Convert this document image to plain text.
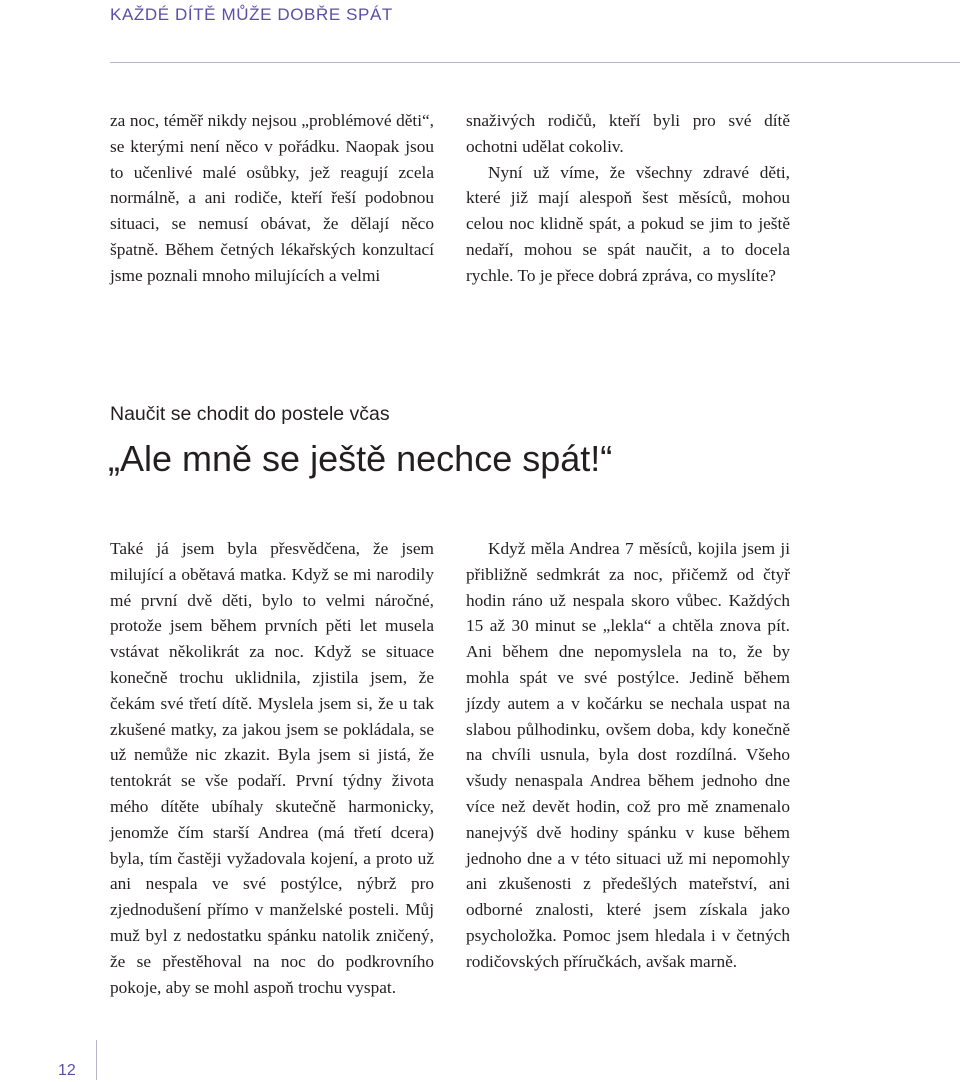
KAŽDÉ DÍTĚ MŮŽE DOBŘE SPÁT

za noc, téměř nikdy nejsou „problémové děti“, se kterými není něco v pořádku. Naopak jsou to učenlivé malé osůbky, jež reagují zcela normálně, a ani rodiče, kteří řeší podobnou situaci, se nemusí obávat, že dělají něco špatně. Během četných lékařských konzultací jsme poznali mnoho milujících a velmi

snaživých rodičů, kteří byli pro své dítě ochotni udělat cokoliv.

Nyní už víme, že všechny zdravé děti, které již mají alespoň šest měsíců, mohou celou noc klidně spát, a pokud se jim to ještě nedaří, mohou se spát naučit, a to docela rychle. To je přece dobrá zpráva, co myslíte?

Naučit se chodit do postele včas
„Ale mně se ještě nechce spát!“

Také já jsem byla přesvědčena, že jsem milující a obětavá matka. Když se mi narodily mé první dvě děti, bylo to velmi náročné, protože jsem během prvních pěti let musela vstávat několikrát za noc. Když se situace konečně trochu uklidnila, zjistila jsem, že čekám své třetí dítě. Myslela jsem si, že u tak zkušené matky, za jakou jsem se pokládala, se už nemůže nic zkazit. Byla jsem si jistá, že tentokrát se vše podaří. První týdny života mého dítěte ubíhaly skutečně harmonicky, jenomže čím starší Andrea (má třetí dcera) byla, tím častěji vyžadovala kojení, a proto už ani nespala ve své postýlce, nýbrž pro zjednodušení přímo v manželské posteli. Můj muž byl z nedostatku spánku natolik zničený, že se přestěhoval na noc do podkrovního pokoje, aby se mohl aspoň trochu vyspat.

Když měla Andrea 7 měsíců, kojila jsem ji přibližně sedmkrát za noc, přičemž od čtyř hodin ráno už nespala skoro vůbec. Každých 15 až 30 minut se „lekla“ a chtěla znova pít. Ani během dne nepomyslela na to, že by mohla spát ve své postýlce. Jedině během jízdy autem a v kočárku se nechala uspat na slabou půlhodinku, ovšem doba, kdy konečně na chvíli usnula, byla dost rozdílná. Všeho všudy nenaspala Andrea během jednoho dne více než devět hodin, což pro mě znamenalo nanejvýš dvě hodiny spánku v kuse během jednoho dne a v této situaci už mi nepomohly ani zkušenosti z předešlých mateřství, ani odborné znalosti, které jsem získala jako psycholožka. Pomoc jsem hledala i v četných rodičovských příručkách, avšak marně.

12
